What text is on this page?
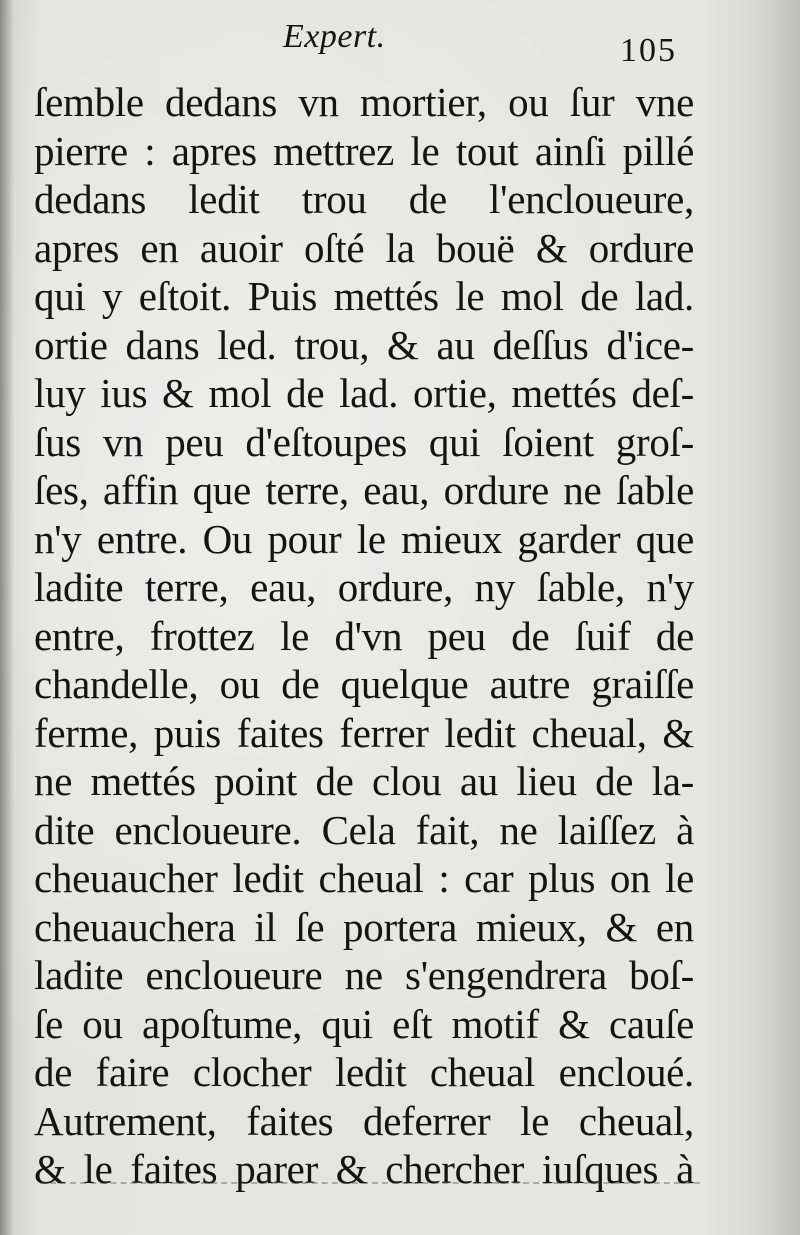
Expert.	105
ſemble dedans vn mortier, ou ſur vne
pierre : apres mettrez le tout ainſi pillé
dedans ledit trou de l'encloueure,
apres en auoir oſté la bouë & ordure
qui y eſtoit. Puis mettés le mol de lad.
ortie dans led. trou, & au deſſus d'ice-
luy ius & mol de lad. ortie, mettés deſ-
ſus vn peu d'eſtoupes qui ſoient groſ-
ſes, affin que terre, eau, ordure ne ſable
n'y entre. Ou pour le mieux garder que
ladite terre, eau, ordure, ny ſable, n'y
entre, frottez le d'vn peu de ſuif de
chandelle, ou de quelque autre graiſſe
ferme, puis faites ferrer ledit cheual, &
ne mettés point de clou au lieu de la-
dite encloueure. Cela fait, ne laiſſez à
cheuaucher ledit cheual : car plus on le
cheuauchera il ſe portera mieux, & en
ladite encloueure ne s'engendrera boſ-
ſe ou apoſtume, qui eſt motif & cauſe
de faire clocher ledit cheual encloué.
Autrement, faites deferrer le cheual,
& le faites parer & chercher iuſques à
